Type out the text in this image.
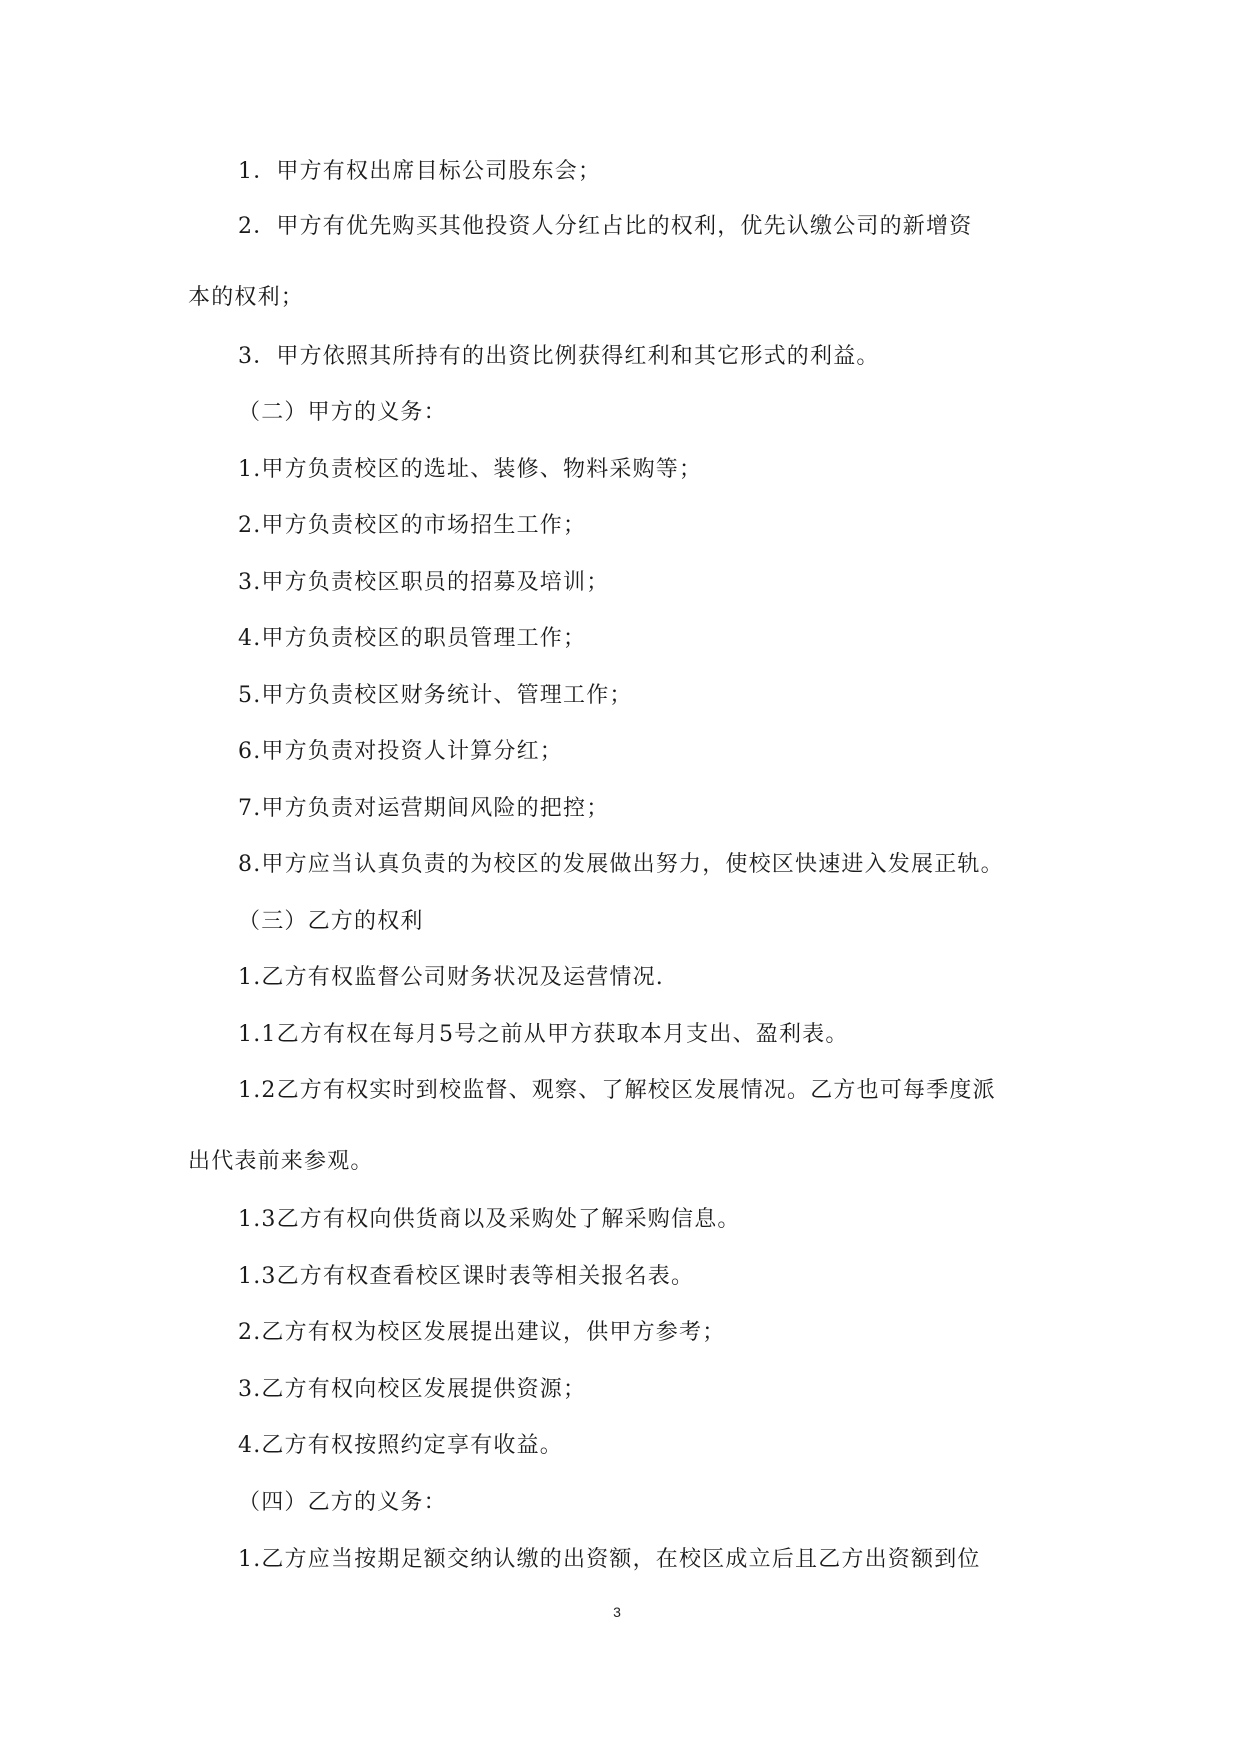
1．甲方有权出席目标公司股东会；
2．甲方有优先购买其他投资人分红占比的权利，优先认缴公司的新增资
本的权利；
3．甲方依照其所持有的出资比例获得红利和其它形式的利益。
（二）甲方的义务：
1.甲方负责校区的选址、装修、物料采购等；
2.甲方负责校区的市场招生工作；
3.甲方负责校区职员的招募及培训；
4.甲方负责校区的职员管理工作；
5.甲方负责校区财务统计、管理工作；
6.甲方负责对投资人计算分红；
7.甲方负责对运营期间风险的把控；
8.甲方应当认真负责的为校区的发展做出努力，使校区快速进入发展正轨。
（三）乙方的权利
1.乙方有权监督公司财务状况及运营情况.
1.1乙方有权在每月5号之前从甲方获取本月支出、盈利表。
1.2乙方有权实时到校监督、观察、了解校区发展情况。乙方也可每季度派
出代表前来参观。
1.3乙方有权向供货商以及采购处了解采购信息。
1.3乙方有权查看校区课时表等相关报名表。
2.乙方有权为校区发展提出建议，供甲方参考；
3.乙方有权向校区发展提供资源；
4.乙方有权按照约定享有收益。
（四）乙方的义务：
1.乙方应当按期足额交纳认缴的出资额，在校区成立后且乙方出资额到位
3
